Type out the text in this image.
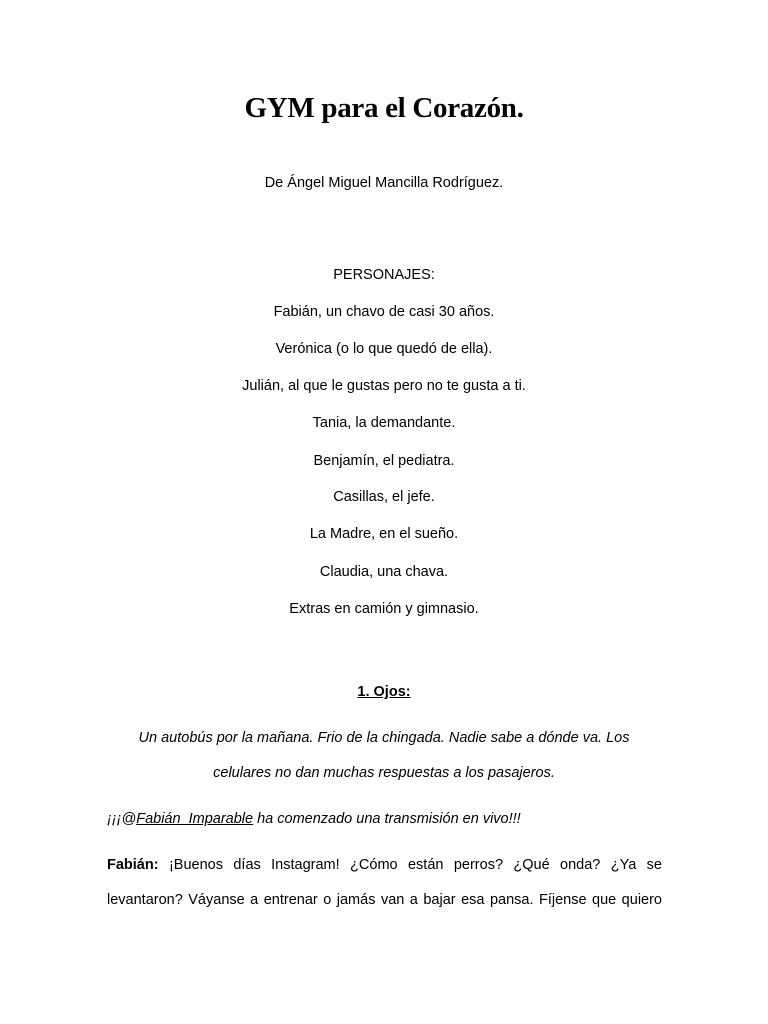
GYM para el Corazón.
De Ángel Miguel Mancilla Rodríguez.
PERSONAJES:
Fabián, un chavo de casi 30 años.
Verónica (o lo que quedó de ella).
Julián, al que le gustas pero no te gusta a ti.
Tania, la demandante.
Benjamín, el pediatra.
Casillas, el jefe.
La Madre, en el sueño.
Claudia, una chava.
Extras en camión y gimnasio.
1. Ojos:
Un autobús por la mañana. Frio de la chingada. Nadie sabe a dónde va. Los
celulares no dan muchas respuestas a los pasajeros.
¡¡¡@Fabián  Imparable ha comenzado una transmisión en vivo!!!
Fabián: ¡Buenos días Instagram! ¿Cómo están perros? ¿Qué onda? ¿Ya se
levantaron? Váyanse a entrenar o jamás van a bajar esa pansa. Fíjense que quiero
